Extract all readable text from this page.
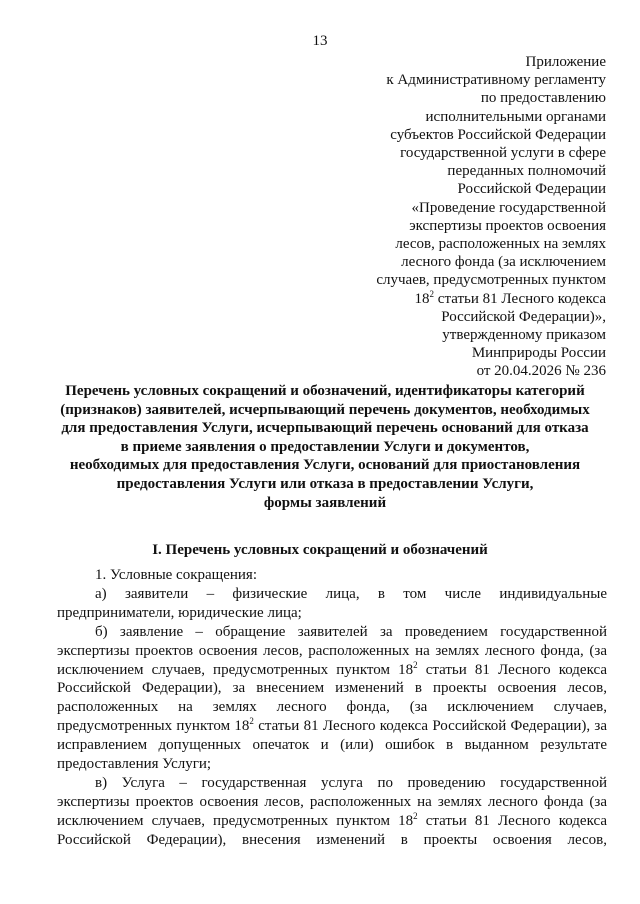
13
Приложение
к Административному регламенту
по предоставлению
исполнительными органами
субъектов Российской Федерации
государственной услуги в сфере
переданных полномочий
Российской Федерации
«Проведение государственной
экспертизы проектов освоения
лесов, расположенных на землях
лесного фонда (за исключением
случаев, предусмотренных пунктом
$18^2$ статьи 81 Лесного кодекса
Российской Федерации)»,
утвержденному приказом
Минприроды России
от 20.04.2026 № 236
Перечень условных сокращений и обозначений, идентификаторы категорий
(признаков) заявителей, исчерпывающий перечень документов, необходимых
для предоставления Услуги, исчерпывающий перечень оснований для отказа
в приеме заявления о предоставлении Услуги и документов,
необходимых для предоставления Услуги, оснований для приостановления
предоставления Услуги или отказа в предоставлении Услуги,
формы заявлений
I. Перечень условных сокращений и обозначений

1. Условные сокращения:

а) заявители – физические лица, в том числе индивидуальные предприниматели, юридические лица;

б) заявление – обращение заявителей за проведением государственной экспертизы проектов освоения лесов, расположенных на землях лесного фонда, (за исключением случаев, предусмотренных пунктом $18^2$ статьи 81 Лесного кодекса Российской Федерации), за внесением изменений в проекты освоения лесов, расположенных на землях лесного фонда, (за исключением случаев, предусмотренных пунктом $18^2$ статьи 81 Лесного кодекса Российской Федерации), за исправлением допущенных опечаток и (или) ошибок в выданном результате предоставления Услуги;

в) Услуга – государственная услуга по проведению государственной экспертизы проектов освоения лесов, расположенных на землях лесного фонда (за исключением случаев, предусмотренных пунктом $18^2$ статьи 81 Лесного кодекса Российской Федерации), внесения изменений в проекты освоения лесов,
